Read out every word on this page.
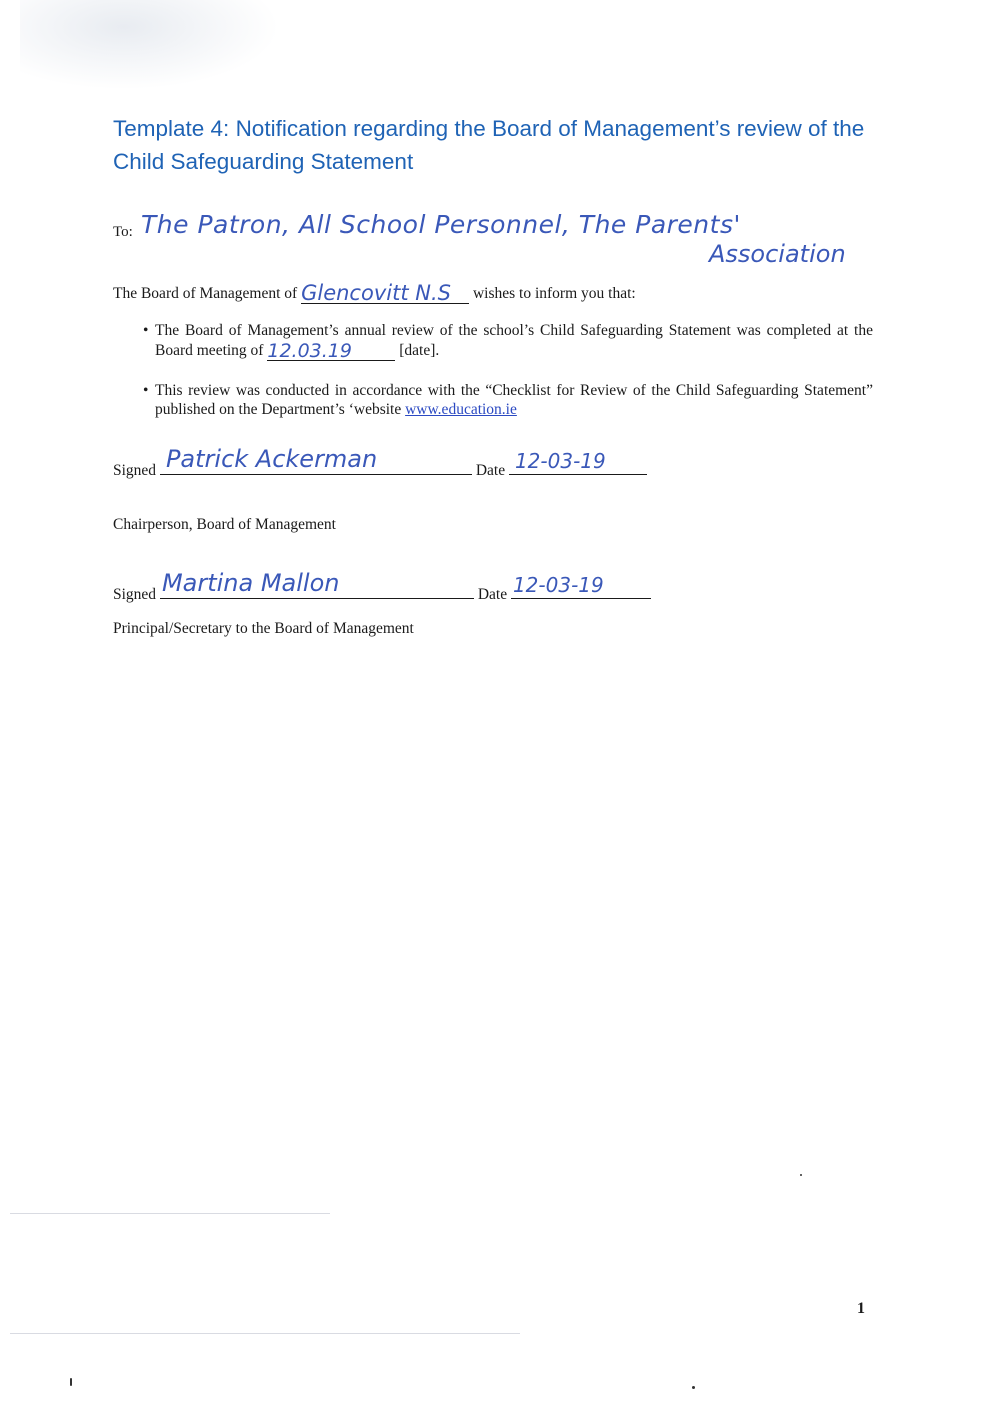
Template 4: Notification regarding the Board of Management’s review of the Child Safeguarding Statement
To: The Patron, All School Personnel, The Parents'
Association
The Board of Management of Glencovitt N.S wishes to inform you that:
• The Board of Management’s annual review of the school’s Child Safeguarding Statement was completed at the Board meeting of 12.03.19	[date].
• This review was conducted in accordance with the “Checklist for Review of the Child Safeguarding Statement” published on the Department’s ‘website www.education.ie
Signed Patrick Ackerman	Date 12-03-19
Chairperson, Board of Management
Signed Martina Mallon	Date 12-03-19
Principal/Secretary to the Board of Management
1
